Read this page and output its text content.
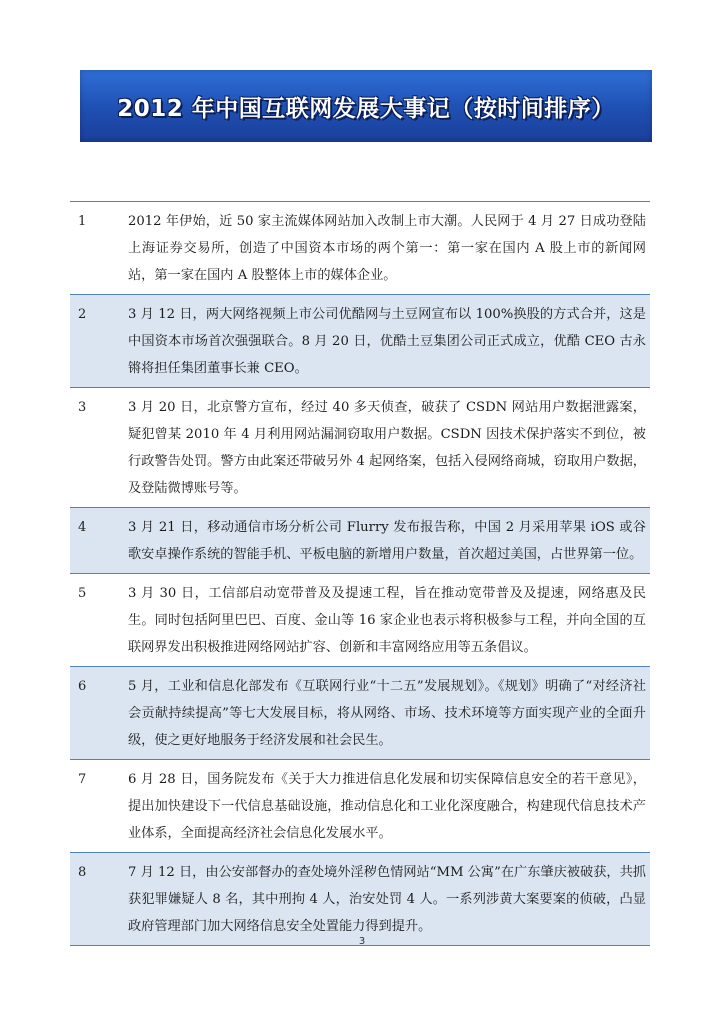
2012 年中国互联网发展大事记（按时间排序）
1	2012 年伊始，近 50 家主流媒体网站加入改制上市大潮。人民网于 4 月 27 日成功登陆上海证券交易所，创造了中国资本市场的两个第一：第一家在国内 A 股上市的新闻网站，第一家在国内 A 股整体上市的媒体企业。
2	3 月 12 日，两大网络视频上市公司优酷网与土豆网宣布以 100%换股的方式合并，这是中国资本市场首次强强联合。8 月 20 日，优酷土豆集团公司正式成立，优酷 CEO 古永锵将担任集团董事长兼 CEO。
3	3 月 20 日，北京警方宣布，经过 40 多天侦查，破获了 CSDN 网站用户数据泄露案，疑犯曾某 2010 年 4 月利用网站漏洞窃取用户数据。CSDN 因技术保护落实不到位，被行政警告处罚。警方由此案还带破另外 4 起网络案，包括入侵网络商城，窃取用户数据，及登陆微博账号等。
4	3 月 21 日，移动通信市场分析公司 Flurry 发布报告称，中国 2 月采用苹果 iOS 或谷歌安卓操作系统的智能手机、平板电脑的新增用户数量，首次超过美国，占世界第一位。
5	3 月 30 日，工信部启动宽带普及及提速工程，旨在推动宽带普及及提速，网络惠及民生。同时包括阿里巴巴、百度、金山等 16 家企业也表示将积极参与工程，并向全国的互联网界发出积极推进网络网站扩容、创新和丰富网络应用等五条倡议。
6	5 月，工业和信息化部发布《互联网行业“十二五”发展规划》。《规划》明确了“对经济社会贡献持续提高”等七大发展目标，将从网络、市场、技术环境等方面实现产业的全面升级，使之更好地服务于经济发展和社会民生。
7	6 月 28 日，国务院发布《关于大力推进信息化发展和切实保障信息安全的若干意见》，提出加快建设下一代信息基础设施，推动信息化和工业化深度融合，构建现代信息技术产业体系，全面提高经济社会信息化发展水平。
8	7 月 12 日，由公安部督办的查处境外淫秽色情网站“MM 公寓”在广东肇庆被破获，共抓获犯罪嫌疑人 8 名，其中刑拘 4 人，治安处罚 4 人。一系列涉黄大案要案的侦破，凸显政府管理部门加大网络信息安全处置能力得到提升。
3
